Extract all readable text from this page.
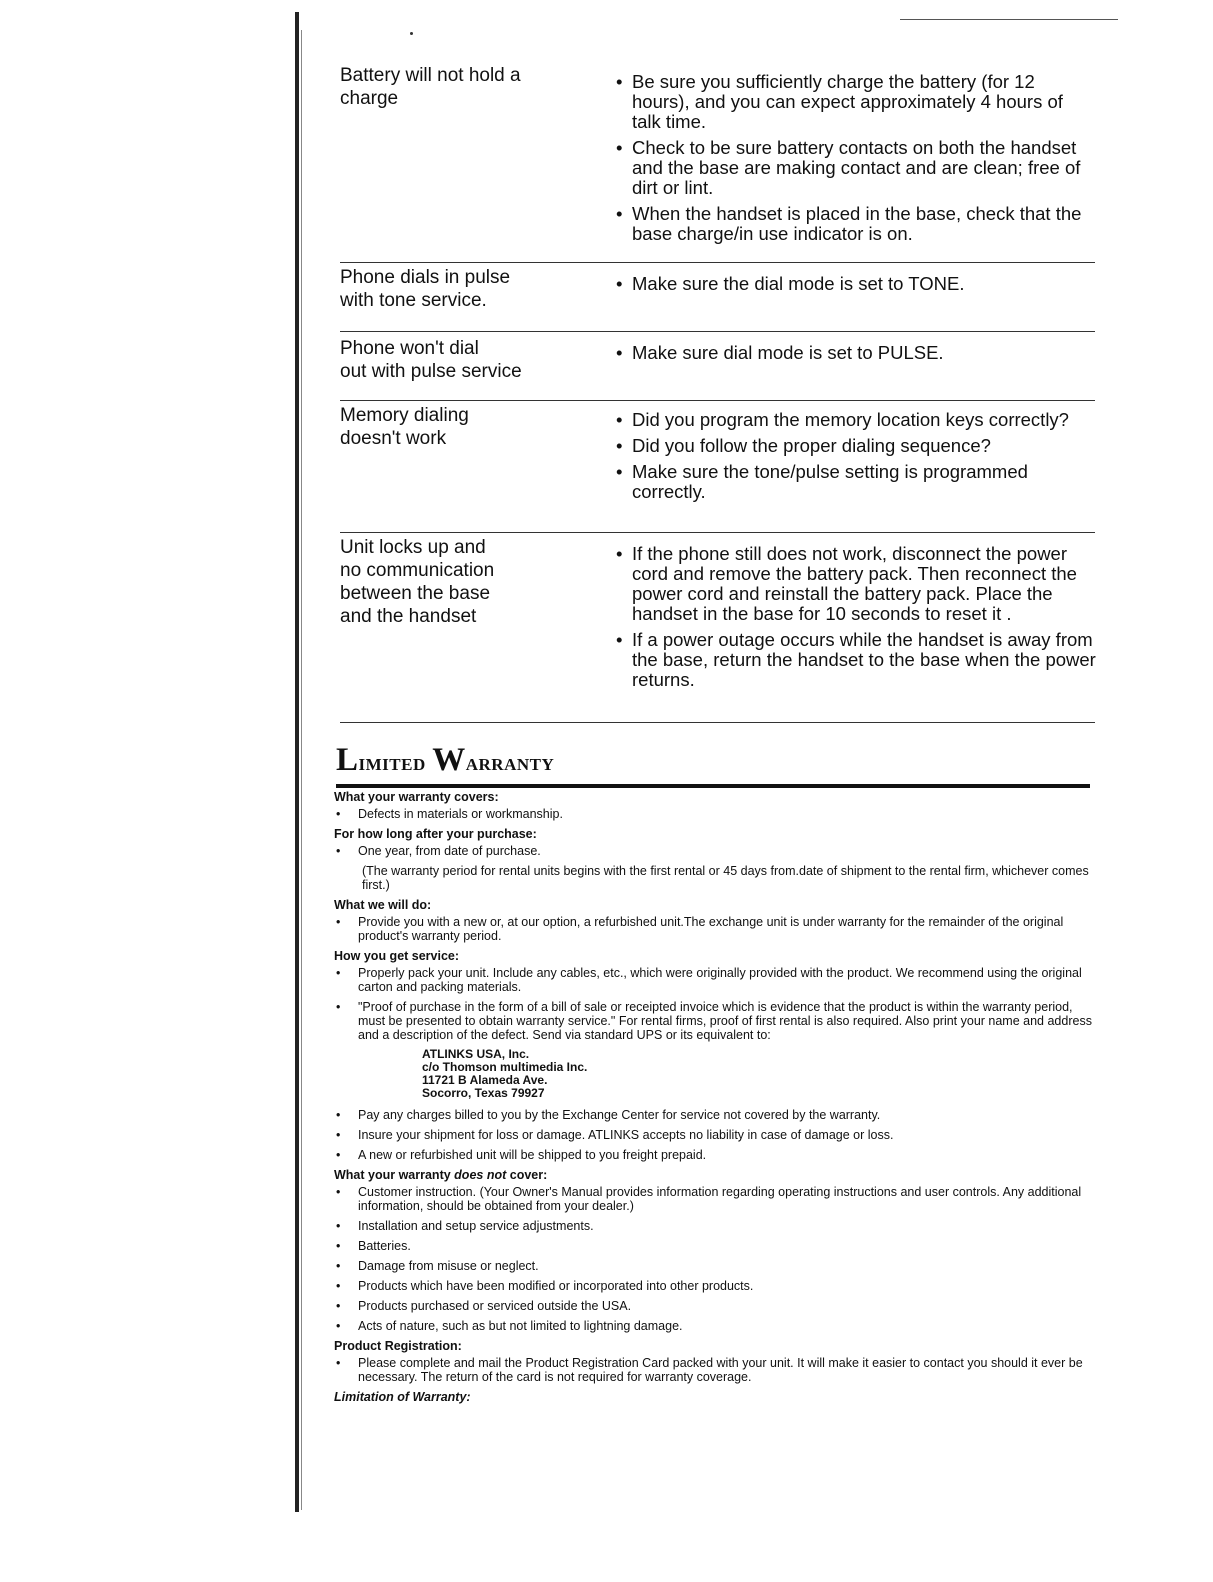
Battery will not hold a
charge
• Be sure you sufficiently charge the battery (for 12 hours), and you can expect approximately 4 hours of talk time.
• Check to be sure battery contacts on both the handset and the base are making contact and are clean; free of dirt or lint.
• When the handset is placed in the base, check that the base charge/in use indicator is on.
Phone dials in pulse
with tone service.
• Make sure the dial mode is set to TONE.
Phone won't dial
out with pulse service
• Make sure dial mode is set to PULSE.
Memory dialing
doesn't work
• Did you program the memory location keys correctly?
• Did you follow the proper dialing sequence?
• Make sure the tone/pulse setting is programmed correctly.
Unit locks up and
no communication
between the base
and the handset
• If the phone still does not work, disconnect the power cord and remove the battery pack. Then reconnect the power cord and reinstall the battery pack. Place the handset in the base for 10 seconds to reset it .
• If a power outage occurs while the handset is away from the base, return the handset to the base when the power returns.
Limited Warranty
What your warranty covers:
• Defects in materials or workmanship.
For how long after your purchase:
• One year, from date of purchase.
(The warranty period for rental units begins with the first rental or 45 days from.date of shipment to the rental firm, whichever comes first.)
What we will do:
• Provide you with a new or, at our option, a refurbished unit.The exchange unit is under warranty for the remainder of the original product's warranty period.
How you get service:
• Properly pack your unit. Include any cables, etc., which were originally provided with the product. We recommend using the original carton and packing materials.
• "Proof of purchase in the form of a bill of sale or receipted invoice which is evidence that the product is within the warranty period, must be presented to obtain warranty service." For rental firms, proof of first rental is also required. Also print your name and address and a description of the defect. Send via standard UPS or its equivalent to:
ATLINKS USA, Inc.
c/o Thomson multimedia Inc.
11721 B Alameda Ave.
Socorro, Texas 79927
• Pay any charges billed to you by the Exchange Center for service not covered by the warranty.
• Insure your shipment for loss or damage. ATLINKS accepts no liability in case of damage or loss.
• A new or refurbished unit will be shipped to you freight prepaid.
What your warranty does not cover:
• Customer instruction. (Your Owner's Manual provides information regarding operating instructions and user controls. Any additional information, should be obtained from your dealer.)
• Installation and setup service adjustments.
• Batteries.
• Damage from misuse or neglect.
• Products which have been modified or incorporated into other products.
• Products purchased or serviced outside the USA.
• Acts of nature, such as but not limited to lightning damage.
Product Registration:
• Please complete and mail the Product Registration Card packed with your unit. It will make it easier to contact you should it ever be necessary. The return of the card is not required for warranty coverage.
Limitation of Warranty:
